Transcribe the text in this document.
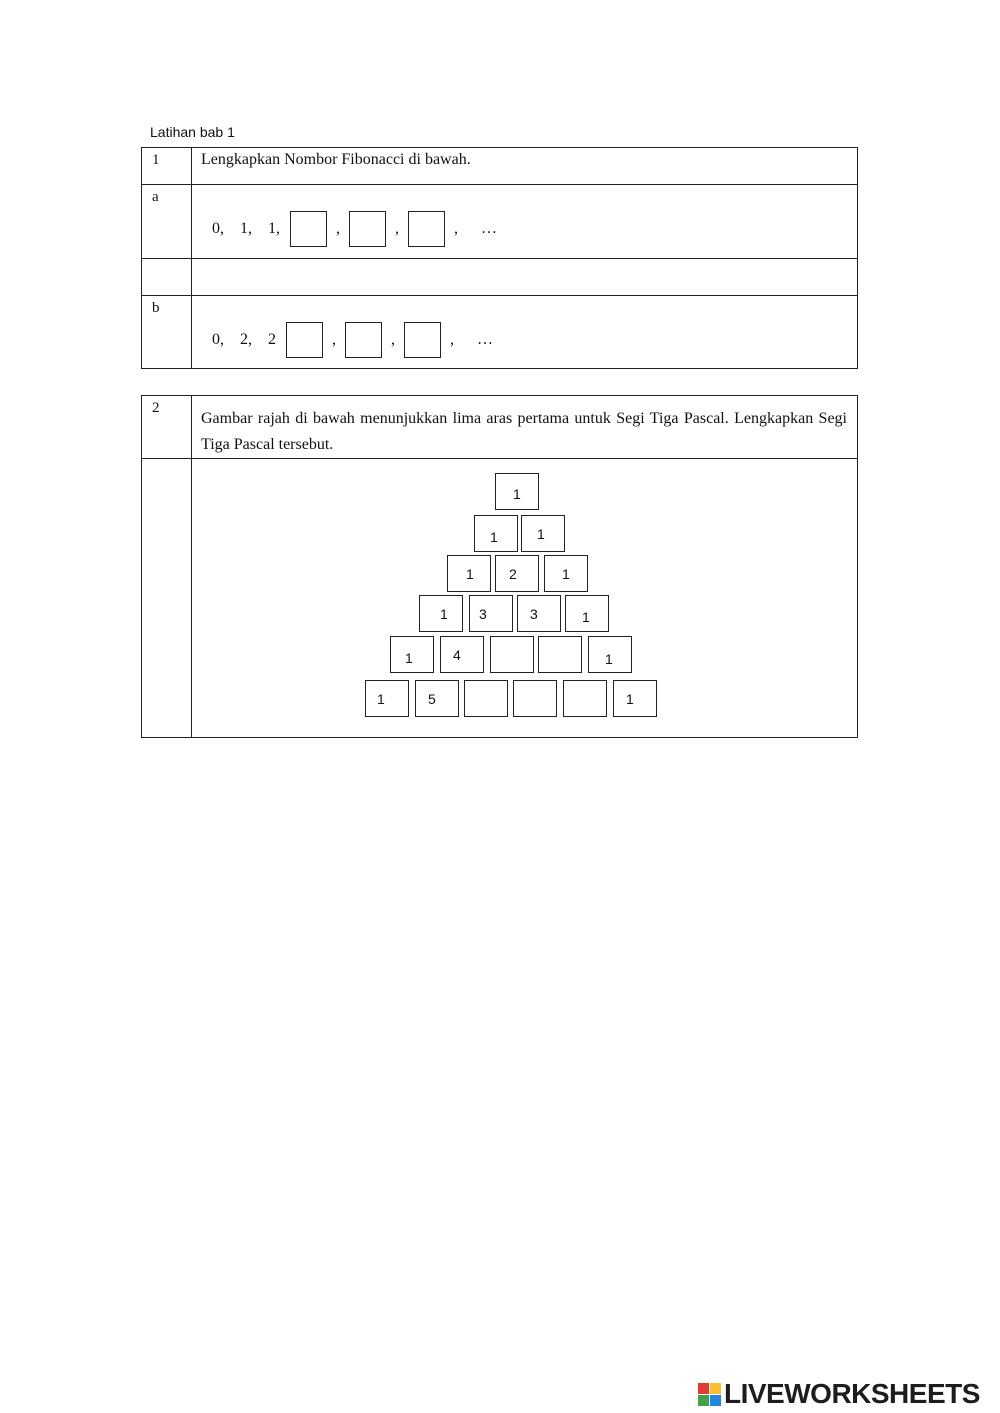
Latihan bab 1
1	Lengkapkan Nombor Fibonacci di bawah.
a
0, 1, 1,	,	,	,	…
b
0, 2, 2	,	,	,	…
2
Gambar rajah di bawah menunjukkan lima aras pertama untuk Segi Tiga Pascal. Lengkapkan Segi Tiga Pascal tersebut.
1
1	1
1	2	1
1 3	3	1
1	4	1
1	5	1
LIVEWORKSHEETS
